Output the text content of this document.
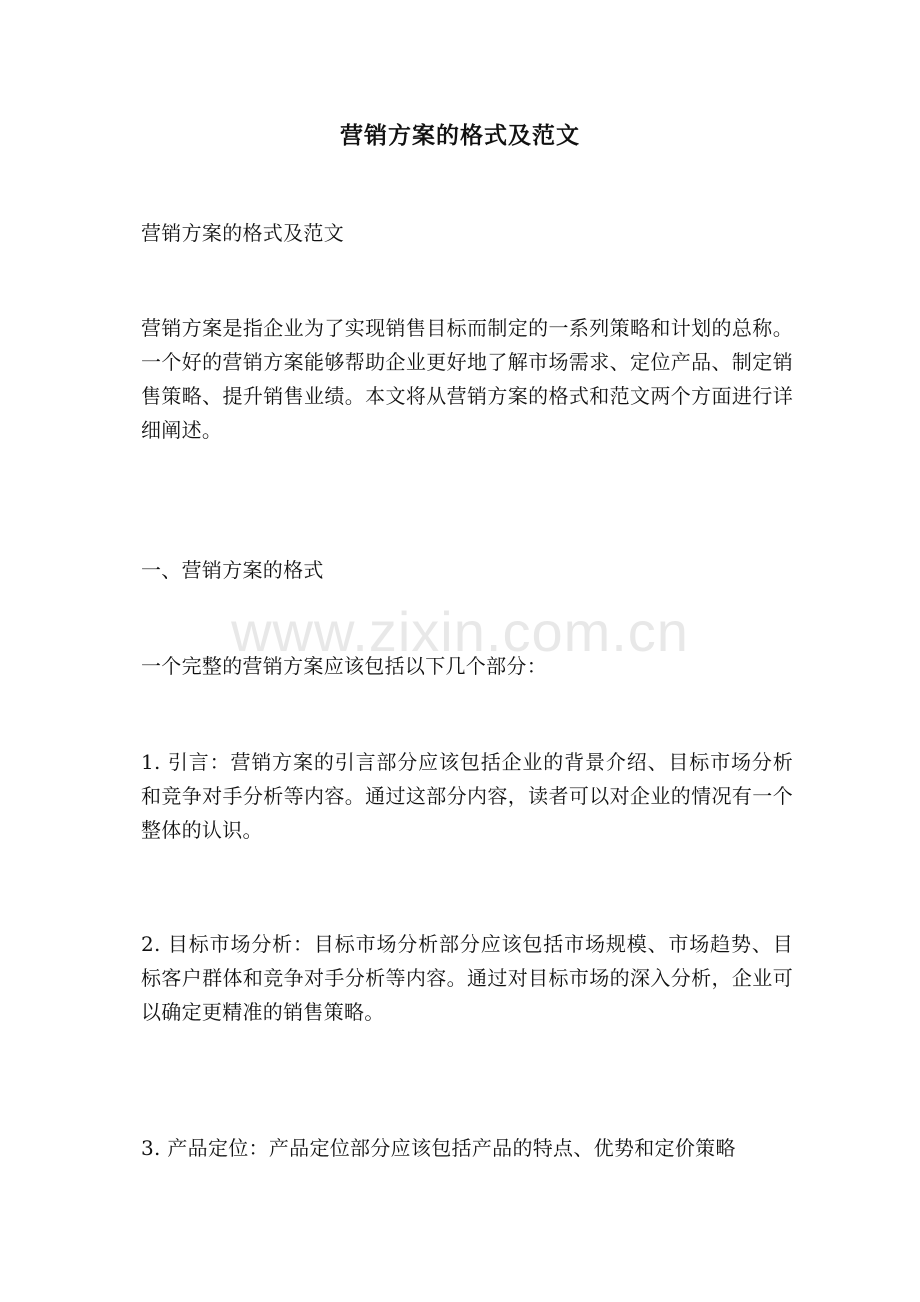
营销方案的格式及范文

营销方案的格式及范文

营销方案是指企业为了实现销售目标而制定的一系列策略和计划的总称。一个好的营销方案能够帮助企业更好地了解市场需求、定位产品、制定销售策略、提升销售业绩。本文将从营销方案的格式和范文两个方面进行详细阐述。

一、营销方案的格式

一个完整的营销方案应该包括以下几个部分：

1. 引言：营销方案的引言部分应该包括企业的背景介绍、目标市场分析和竞争对手分析等内容。通过这部分内容，读者可以对企业的情况有一个整体的认识。

2. 目标市场分析：目标市场分析部分应该包括市场规模、市场趋势、目标客户群体和竞争对手分析等内容。通过对目标市场的深入分析，企业可以确定更精准的销售策略。

3. 产品定位：产品定位部分应该包括产品的特点、优势和定价策略

www.zixin.com.cn
